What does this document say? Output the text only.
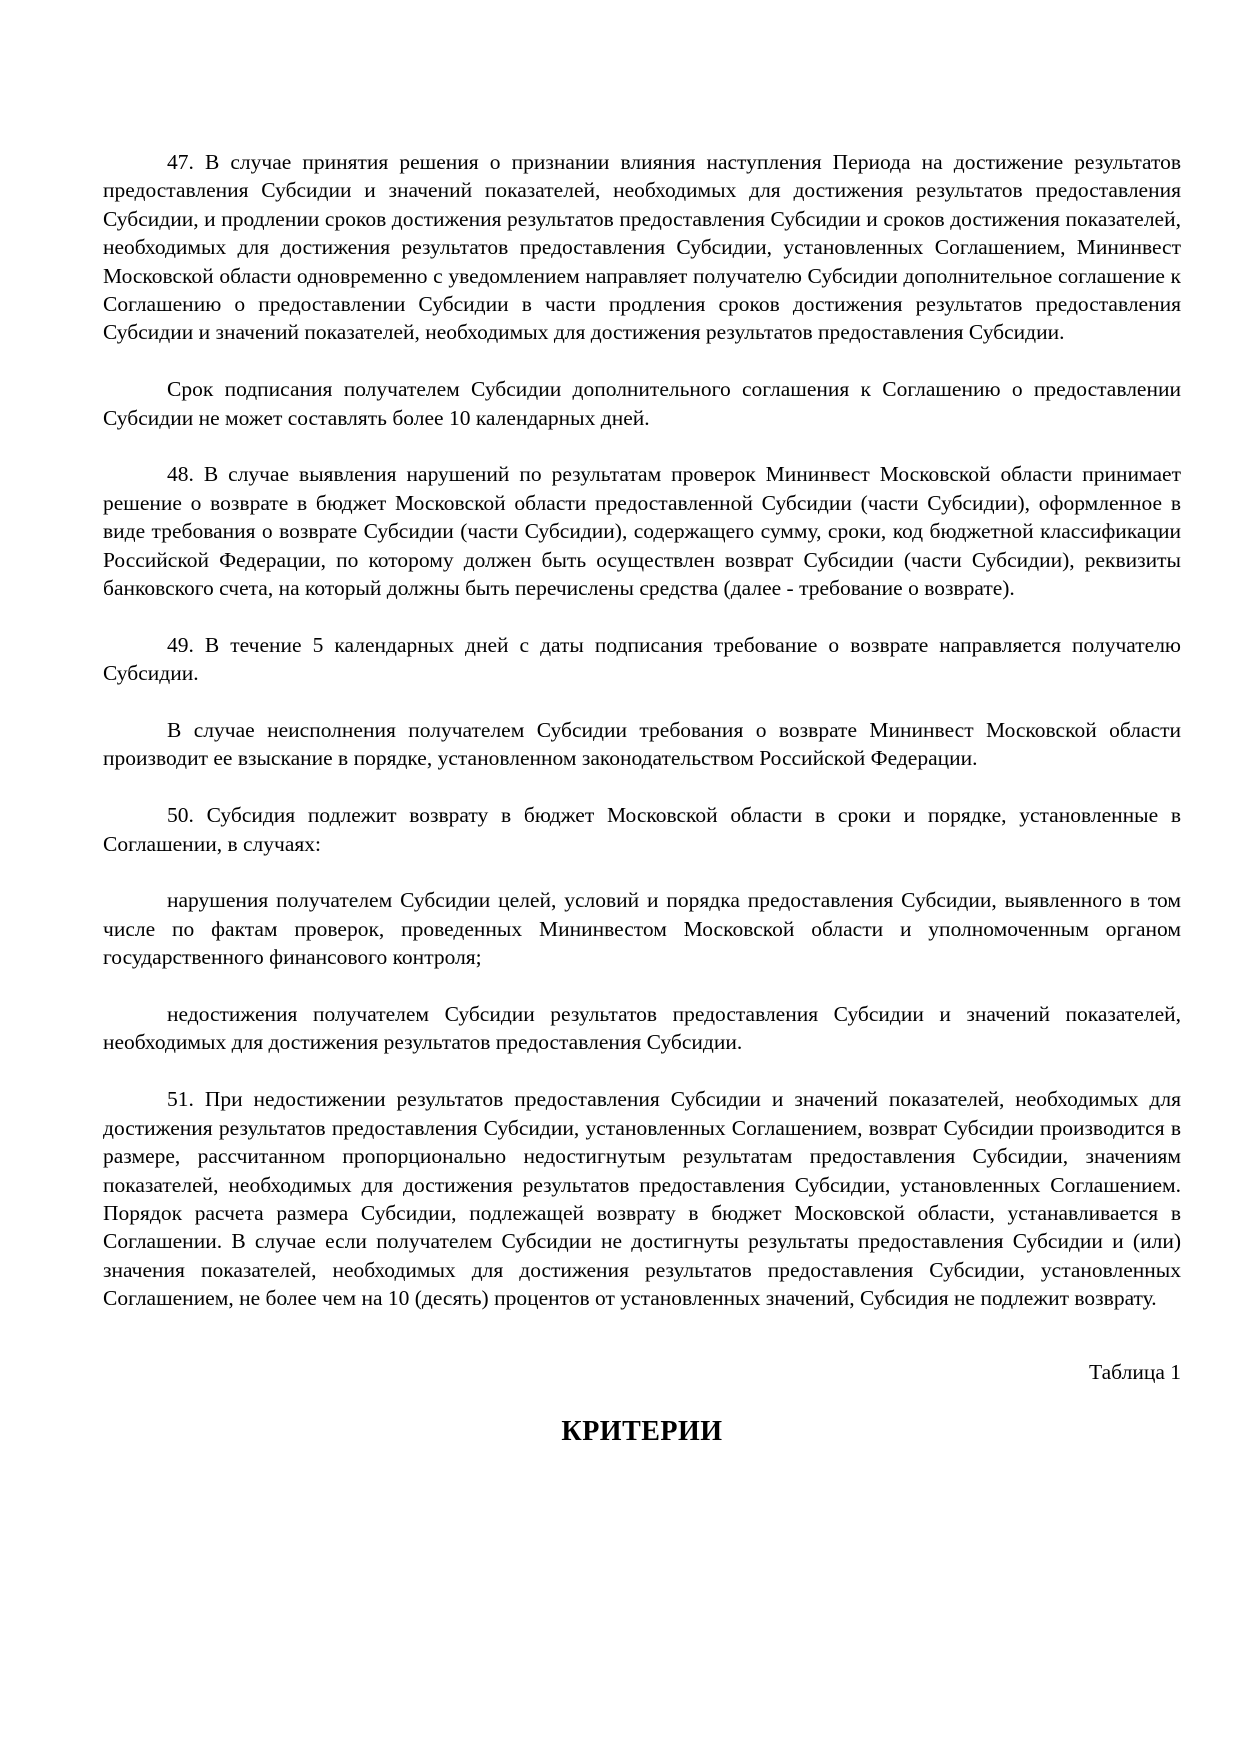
47. В случае принятия решения о признании влияния наступления Периода на достижение результатов предоставления Субсидии и значений показателей, необходимых для достижения результатов предоставления Субсидии, и продлении сроков достижения результатов предоставления Субсидии и сроков достижения показателей, необходимых для достижения результатов предоставления Субсидии, установленных Соглашением, Мининвест Московской области одновременно с уведомлением направляет получателю Субсидии дополнительное соглашение к Соглашению о предоставлении Субсидии в части продления сроков достижения результатов предоставления Субсидии и значений показателей, необходимых для достижения результатов предоставления Субсидии.

Срок подписания получателем Субсидии дополнительного соглашения к Соглашению о предоставлении Субсидии не может составлять более 10 календарных дней.

48. В случае выявления нарушений по результатам проверок Мининвест Московской области принимает решение о возврате в бюджет Московской области предоставленной Субсидии (части Субсидии), оформленное в виде требования о возврате Субсидии (части Субсидии), содержащего сумму, сроки, код бюджетной классификации Российской Федерации, по которому должен быть осуществлен возврат Субсидии (части Субсидии), реквизиты банковского счета, на который должны быть перечислены средства (далее - требование о возврате).

49. В течение 5 календарных дней с даты подписания требование о возврате направляется получателю Субсидии.

В случае неисполнения получателем Субсидии требования о возврате Мининвест Московской области производит ее взыскание в порядке, установленном законодательством Российской Федерации.

50. Субсидия подлежит возврату в бюджет Московской области в сроки и порядке, установленные в Соглашении, в случаях:

нарушения получателем Субсидии целей, условий и порядка предоставления Субсидии, выявленного в том числе по фактам проверок, проведенных Мининвестом Московской области и уполномоченным органом государственного финансового контроля;

недостижения получателем Субсидии результатов предоставления Субсидии и значений показателей, необходимых для достижения результатов предоставления Субсидии.

51. При недостижении результатов предоставления Субсидии и значений показателей, необходимых для достижения результатов предоставления Субсидии, установленных Соглашением, возврат Субсидии производится в размере, рассчитанном пропорционально недостигнутым результатам предоставления Субсидии, значениям показателей, необходимых для достижения результатов предоставления Субсидии, установленных Соглашением. Порядок расчета размера Субсидии, подлежащей возврату в бюджет Московской области, устанавливается в Соглашении. В случае если получателем Субсидии не достигнуты результаты предоставления Субсидии и (или) значения показателей, необходимых для достижения результатов предоставления Субсидии, установленных Соглашением, не более чем на 10 (десять) процентов от установленных значений, Субсидия не подлежит возврату.

Таблица 1

КРИТЕРИИ
